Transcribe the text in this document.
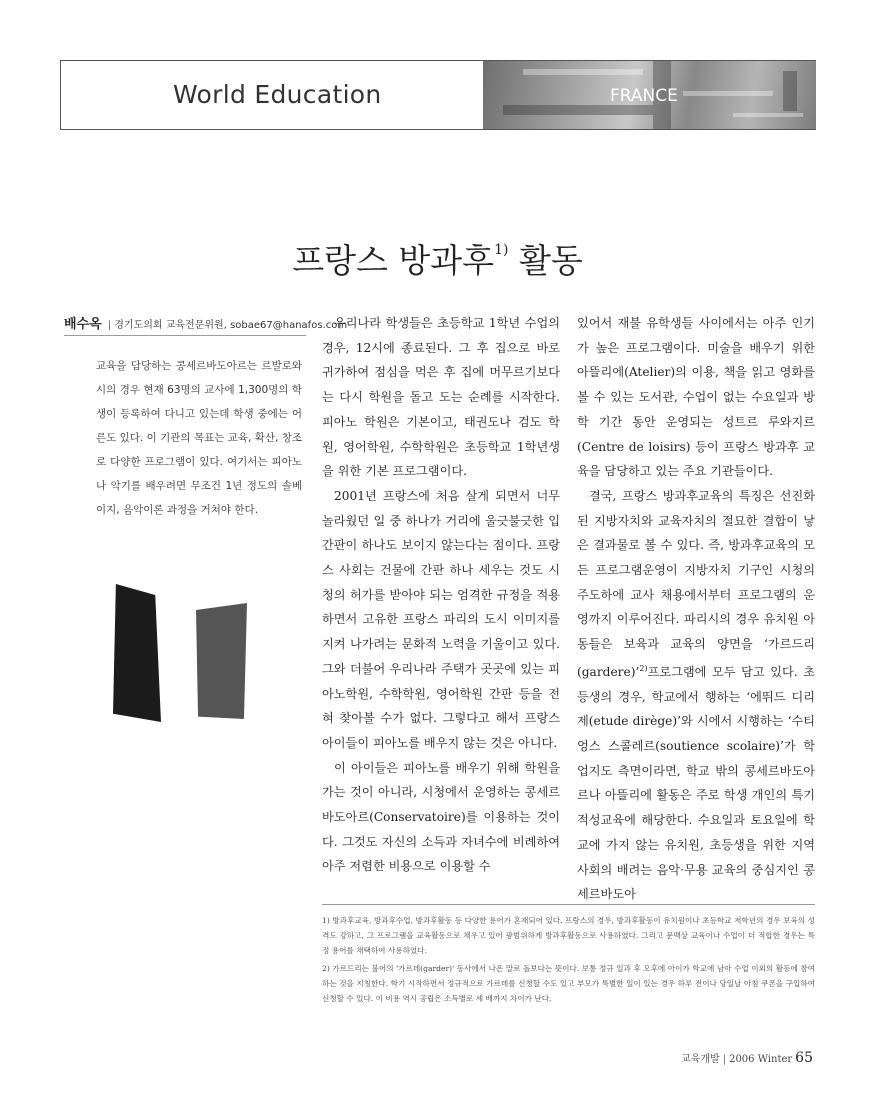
World Education	FRANCE
프랑스 방과후$^{1)}$ 활동
배수옥 | 경기도의회 교육전문위원, sobae67@hanafos.com
교육을 담당하는 콩세르바도아르는 르발로와 시의 경우 현재 63명의 교사에 1,300명의 학생이 등록하여 다니고 있는데 학생 중에는 어른도 있다. 이 기관의 목표는 교육, 확산, 창조로 다양한 프로그램이 있다. 여기서는 피아노나 악기를 배우려면 무조건 1년 정도의 솔베이지, 음악이론 과정을 거쳐야 한다.

우리나라 학생들은 초등학교 1학년 수업의 경우, 12시에 종료된다. 그 후 집으로 바로 귀가하여 점심을 먹은 후 집에 머무르기보다는 다시 학원을 돌고 도는 순례를 시작한다. 피아노 학원은 기본이고, 태권도나 검도 학원, 영어학원, 수학학원은 초등학교 1학년생을 위한 기본 프로그램이다.

2001년 프랑스에 처음 살게 되면서 너무 놀라웠던 일 중 하나가 거리에 울긋불긋한 입간판이 하나도 보이지 않는다는 점이다. 프랑스 사회는 건물에 간판 하나 세우는 것도 시청의 허가를 받아야 되는 엄격한 규정을 적용하면서 고유한 프랑스 파리의 도시 이미지를 지켜 나가려는 문화적 노력을 기울이고 있다. 그와 더불어 우리나라 주택가 곳곳에 있는 피아노학원, 수학학원, 영어학원 간판 등을 전혀 찾아볼 수가 없다. 그렇다고 해서 프랑스 아이들이 피아노를 배우지 않는 것은 아니다.

이 아이들은 피아노를 배우기 위해 학원을 가는 것이 아니라, 시청에서 운영하는 콩세르바도아르(Conservatoire)를 이용하는 것이다. 그것도 자신의 소득과 자녀수에 비례하여 아주 저렴한 비용으로 이용할 수

있어서 재불 유학생들 사이에서는 아주 인기가 높은 프로그램이다. 미술을 배우기 위한 아뜰리에(Atelier)의 이용, 책을 읽고 영화를 볼 수 있는 도서관, 수업이 없는 수요일과 방학 기간 동안 운영되는 성트르 루와지르(Centre de loisirs) 등이 프랑스 방과후 교육을 담당하고 있는 주요 기관들이다.

결국, 프랑스 방과후교육의 특징은 선진화된 지방자치와 교육자치의 절묘한 결합이 낳은 결과물로 볼 수 있다. 즉, 방과후교육의 모든 프로그램운영이 지방자치 기구인 시청의 주도하에 교사 채용에서부터 프로그램의 운영까지 이루어진다. 파리시의 경우 유치원 아동들은 보육과 교육의 양면을 ‘가르드리(gardere)’$^{2)}$프로그램에 모두 담고 있다. 초등생의 경우, 학교에서 행하는 ‘에뛰드 디리제(etude dirège)’와 시에서 시행하는 ‘수티엉스 스콜레르(soutience scolaire)’가 학업지도 측면이라면, 학교 밖의 콩세르바도아르나 아뜰리에 활동은 주로 학생 개인의 특기적성교육에 해당한다. 수요일과 토요일에 학교에 가지 않는 유치원, 초등생을 위한 지역사회의 배려는 음악·무용 교육의 중심지인 콩세르바도아

1) 방과후교육, 방과후수업, 방과후활동 등 다양한 용어가 혼재되어 있다. 프랑스의 경우, 방과후활동이 유치원이나 초등학교 저학년의 경우 보육의 성격도 강하고, 그 프로그램을 교육활동으로 채우고 있어 광범위하게 방과후활동으로 사용하였다. 그리고 문맥상 교육이나 수업이 더 적합한 경우는 특정 용어를 채택하여 사용하였다.

2) 가르드리는 불어의 '가르데(garder)' 동사에서 나온 말로 돌보다는 뜻이다. 보통 정규 일과 후 오후에 아이가 학교에 남아 수업 이외의 활동에 참여하는 것을 지칭한다. 학기 시작하면서 정규적으로 가르데를 신청할 수도 있고 부모가 특별한 일이 있는 경우 하루 전이나 당일날 아침 쿠폰을 구입하여 신청할 수 있다. 이 비용 역시 공립은 소득별로 세 배까지 차이가 난다.

교육개발 | 2006 Winter 65
